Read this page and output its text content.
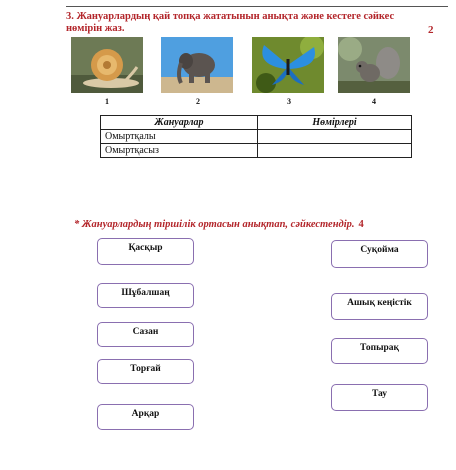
3. Жануарлардың қай топқа жататынын анықта және кестеге сәйкес нөмірін жаз.	2
1	2	3	4
Жануарлар	Нөмірлері
Омыртқалы	
Омыртқасыз	
* Жануарлардың тіршілік ортасын анықтап, сәйкестендір. 4
Қасқыр
Шұбалшаң
Сазан
Торғай
Арқар
Суқойма
Ашық кеңістік
Топырақ
Тау
